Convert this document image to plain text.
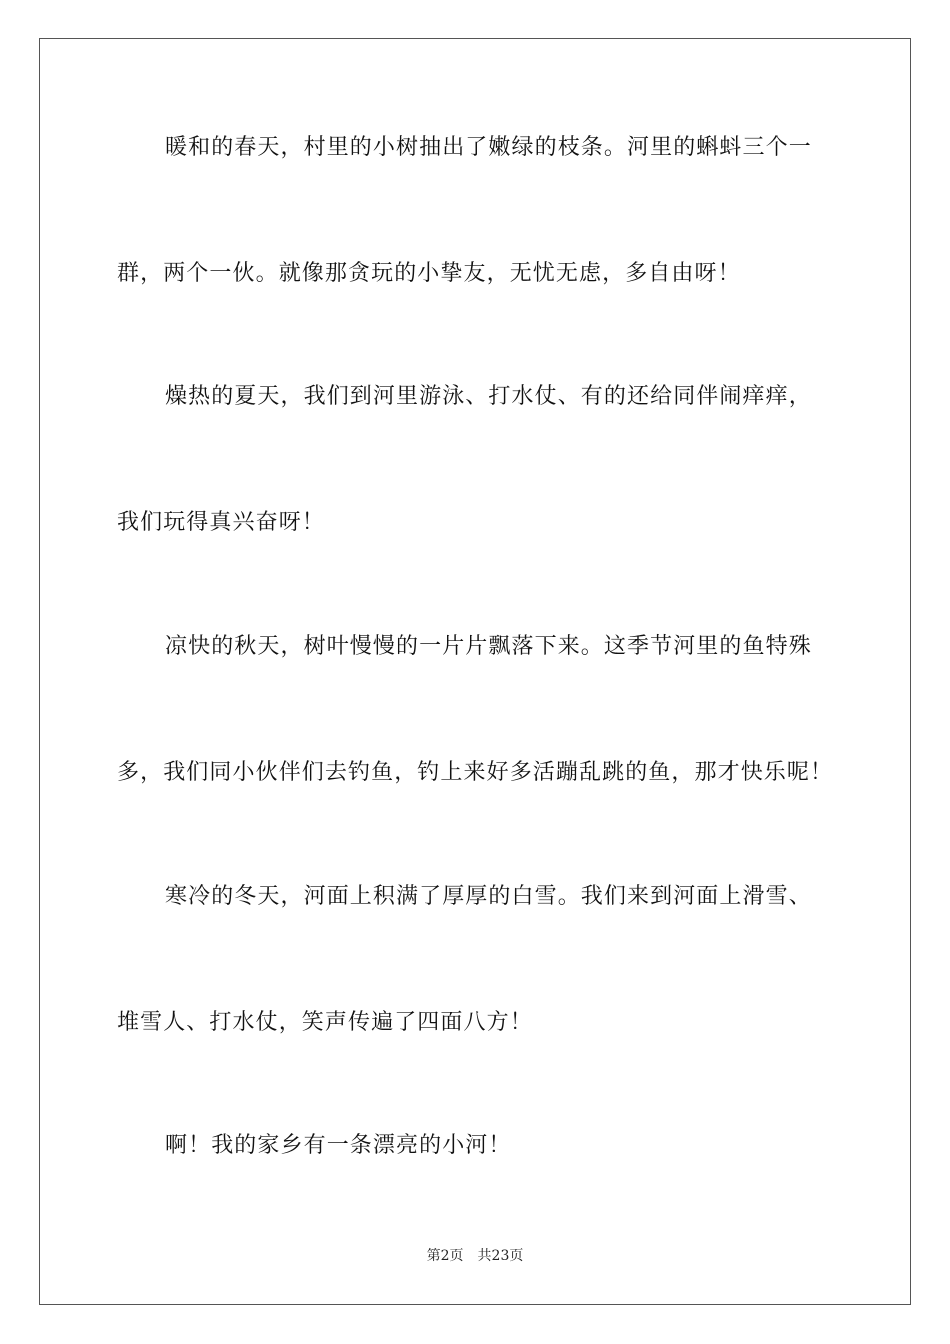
暖和的春天，村里的小树抽出了嫩绿的枝条。河里的蝌蚪三个一
群，两个一伙。就像那贪玩的小挚友，无忧无虑，多自由呀！
燥热的夏天，我们到河里游泳、打水仗、有的还给同伴闹痒痒，
我们玩得真兴奋呀！
凉快的秋天，树叶慢慢的一片片飘落下来。这季节河里的鱼特殊
多，我们同小伙伴们去钓鱼，钓上来好多活蹦乱跳的鱼，那才快乐呢！
寒冷的冬天，河面上积满了厚厚的白雪。我们来到河面上滑雪、
堆雪人、打水仗，笑声传遍了四面八方！
啊！我的家乡有一条漂亮的小河！
第2页 共23页
